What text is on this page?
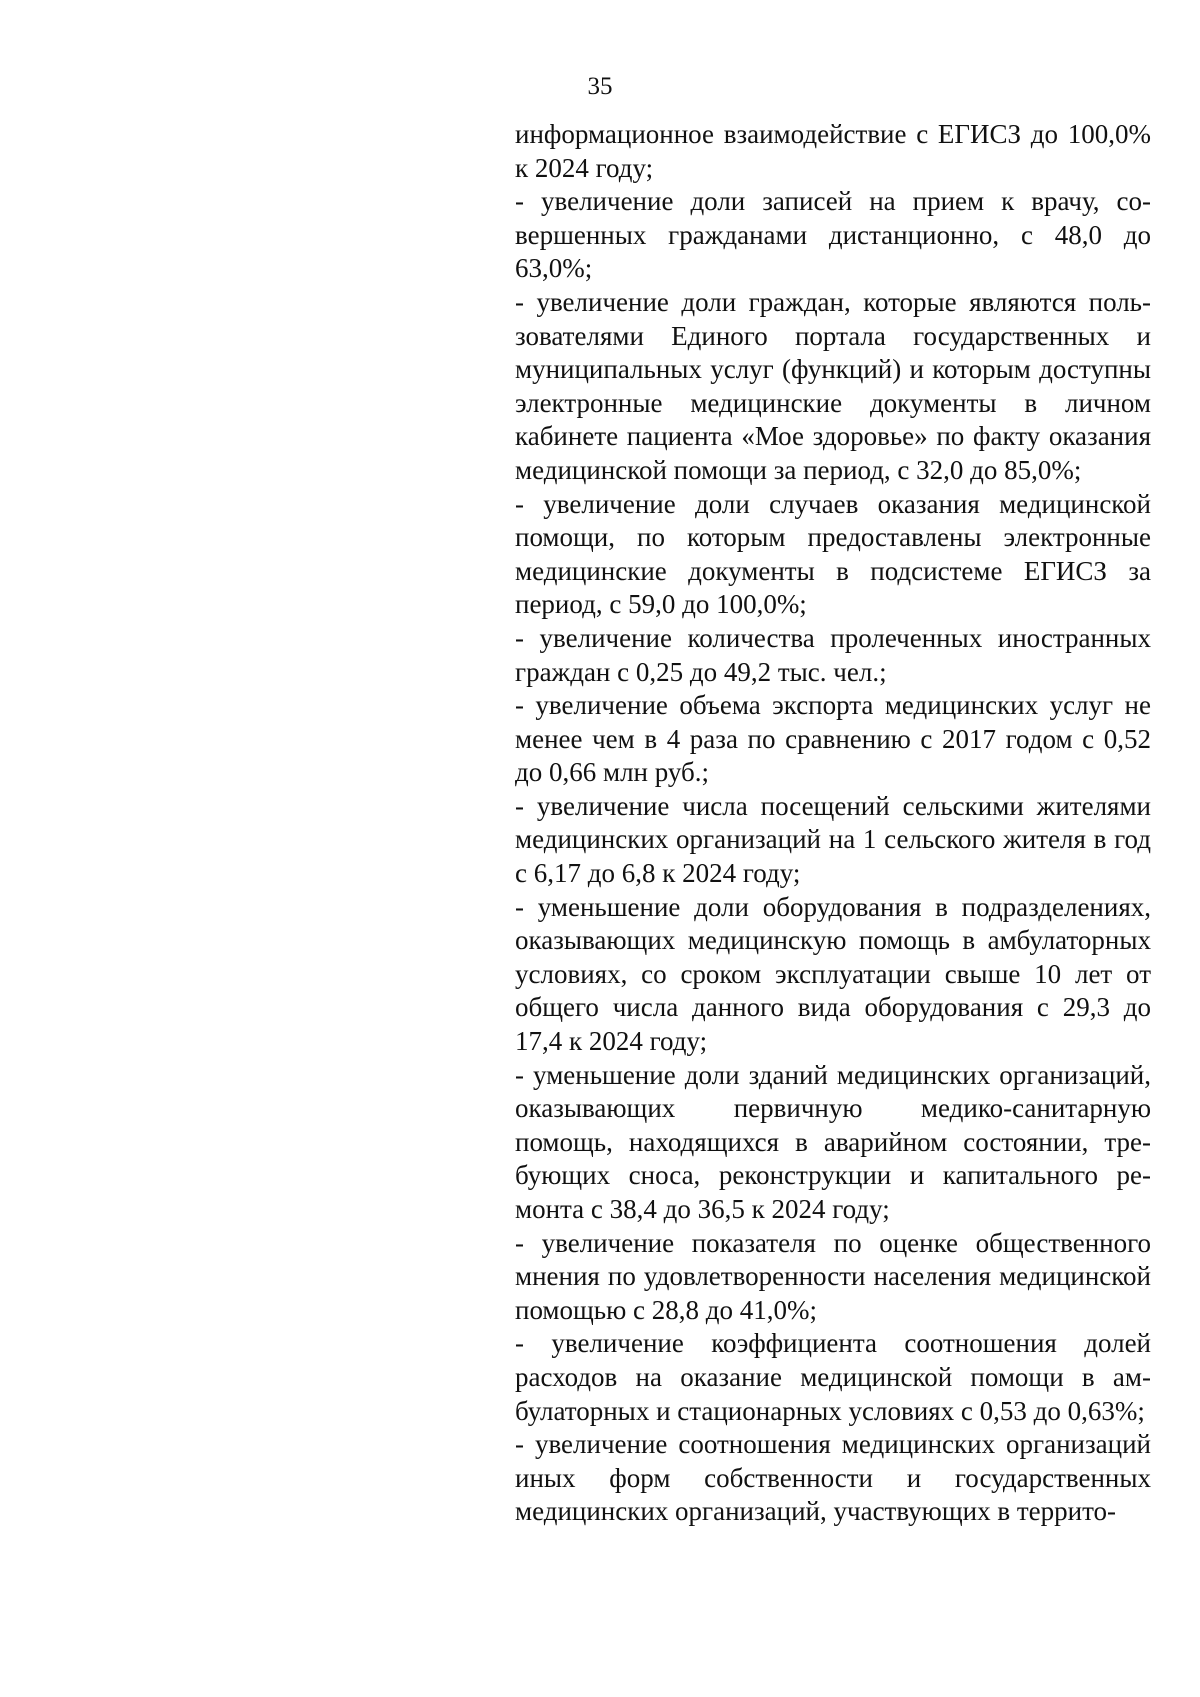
35

информационное взаимодействие с ЕГИСЗ до 100,0% к 2024 году;

- увеличение доли записей на прием к врачу, совершенных гражданами дистанционно, с 48,0 до 63,0%;

- увеличение доли граждан, которые являются пользователями Единого портала государственных и муниципальных услуг (функций) и которым доступны электронные медицинские документы в личном кабинете пациента «Мое здоровье» по факту оказания медицинской помощи за период, с 32,0 до 85,0%;

- увеличение доли случаев оказания медицинской помощи, по которым предоставлены электронные медицинские документы в подсистеме ЕГИСЗ за период, с 59,0 до 100,0%;

- увеличение количества пролеченных иностранных граждан с 0,25 до 49,2 тыс. чел.;

- увеличение объема экспорта медицинских услуг не менее чем в 4 раза по сравнению с 2017 годом с 0,52 до 0,66 млн руб.;

- увеличение числа посещений сельскими жителями медицинских организаций на 1 сельского жителя в год с 6,17 до 6,8 к 2024 году;

- уменьшение доли оборудования в подразделениях, оказывающих медицинскую помощь в амбулаторных условиях, со сроком эксплуатации свыше 10 лет от общего числа данного вида оборудования с 29,3 до 17,4 к 2024 году;

- уменьшение доли зданий медицинских организаций, оказывающих первичную медико-санитарную помощь, находящихся в аварийном состоянии, требующих сноса, реконструкции и капитального ремонта с 38,4 до 36,5 к 2024 году;

- увеличение показателя по оценке общественного мнения по удовлетворенности населения медицинской помощью с 28,8 до 41,0%;

- увеличение коэффициента соотношения долей расходов на оказание медицинской помощи в амбулаторных и стационарных условиях с 0,53 до 0,63%;

- увеличение соотношения медицинских организаций иных форм собственности и государственных медицинских организаций, участвующих в террито-
